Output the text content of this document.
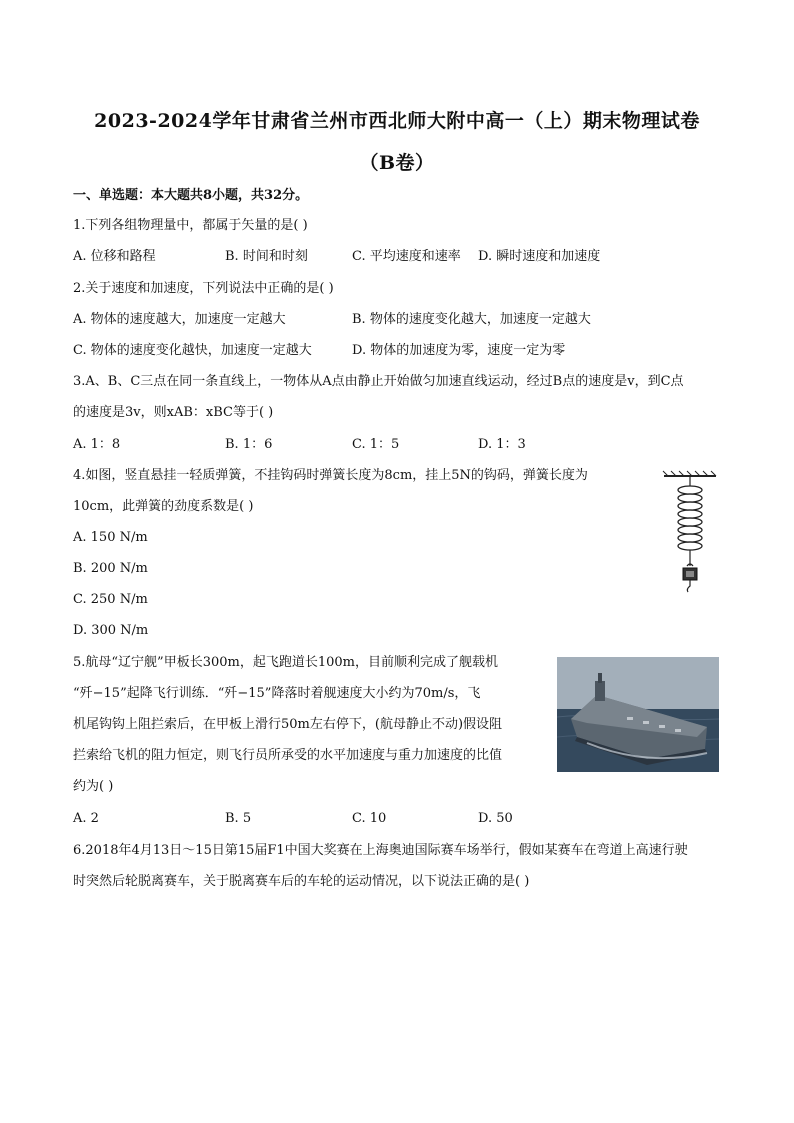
2023-2024学年甘肃省兰州市西北师大附中高一（上）期末物理试卷
（B卷）
一、单选题：本大题共8小题，共32分。
1.下列各组物理量中，都属于矢量的是( )
A. 位移和路程	B. 时间和时刻	C. 平均速度和速率 D. 瞬时速度和加速度
2.关于速度和加速度，下列说法中正确的是( )
A. 物体的速度越大，加速度一定越大	B. 物体的速度变化越大，加速度一定越大
C. 物体的速度变化越快，加速度一定越大	D. 物体的加速度为零，速度一定为零
3.A、B、C三点在同一条直线上，一物体从A点由静止开始做匀加速直线运动，经过B点的速度是v，到C点
的速度是3v，则xAB：xBC等于( )
A. 1：8	B. 1：6	C. 1：5	D. 1：3
4.如图，竖直悬挂一轻质弹簧，不挂钩码时弹簧长度为8cm，挂上5N的钩码，弹簧长度为
10cm，此弹簧的劲度系数是( )
A. 150 N/m
B. 200 N/m
C. 250 N/m
D. 300 N/m
5.航母“辽宁舰”甲板长300m，起飞跑道长100m，目前顺利完成了舰载机
“歼−15”起降飞行训练．“歼−15”降落时着舰速度大小约为70m/s，飞
机尾钩钩上阻拦索后，在甲板上滑行50m左右停下，(航母静止不动)假设阻
拦索给飞机的阻力恒定，则飞行员所承受的水平加速度与重力加速度的比值
约为( )
A. 2	B. 5	C. 10	D. 50
6.2018年4月13日～15日第15届F1中国大奖赛在上海奥迪国际赛车场举行，假如某赛车在弯道上高速行驶
时突然后轮脱离赛车，关于脱离赛车后的车轮的运动情况，以下说法正确的是( )
